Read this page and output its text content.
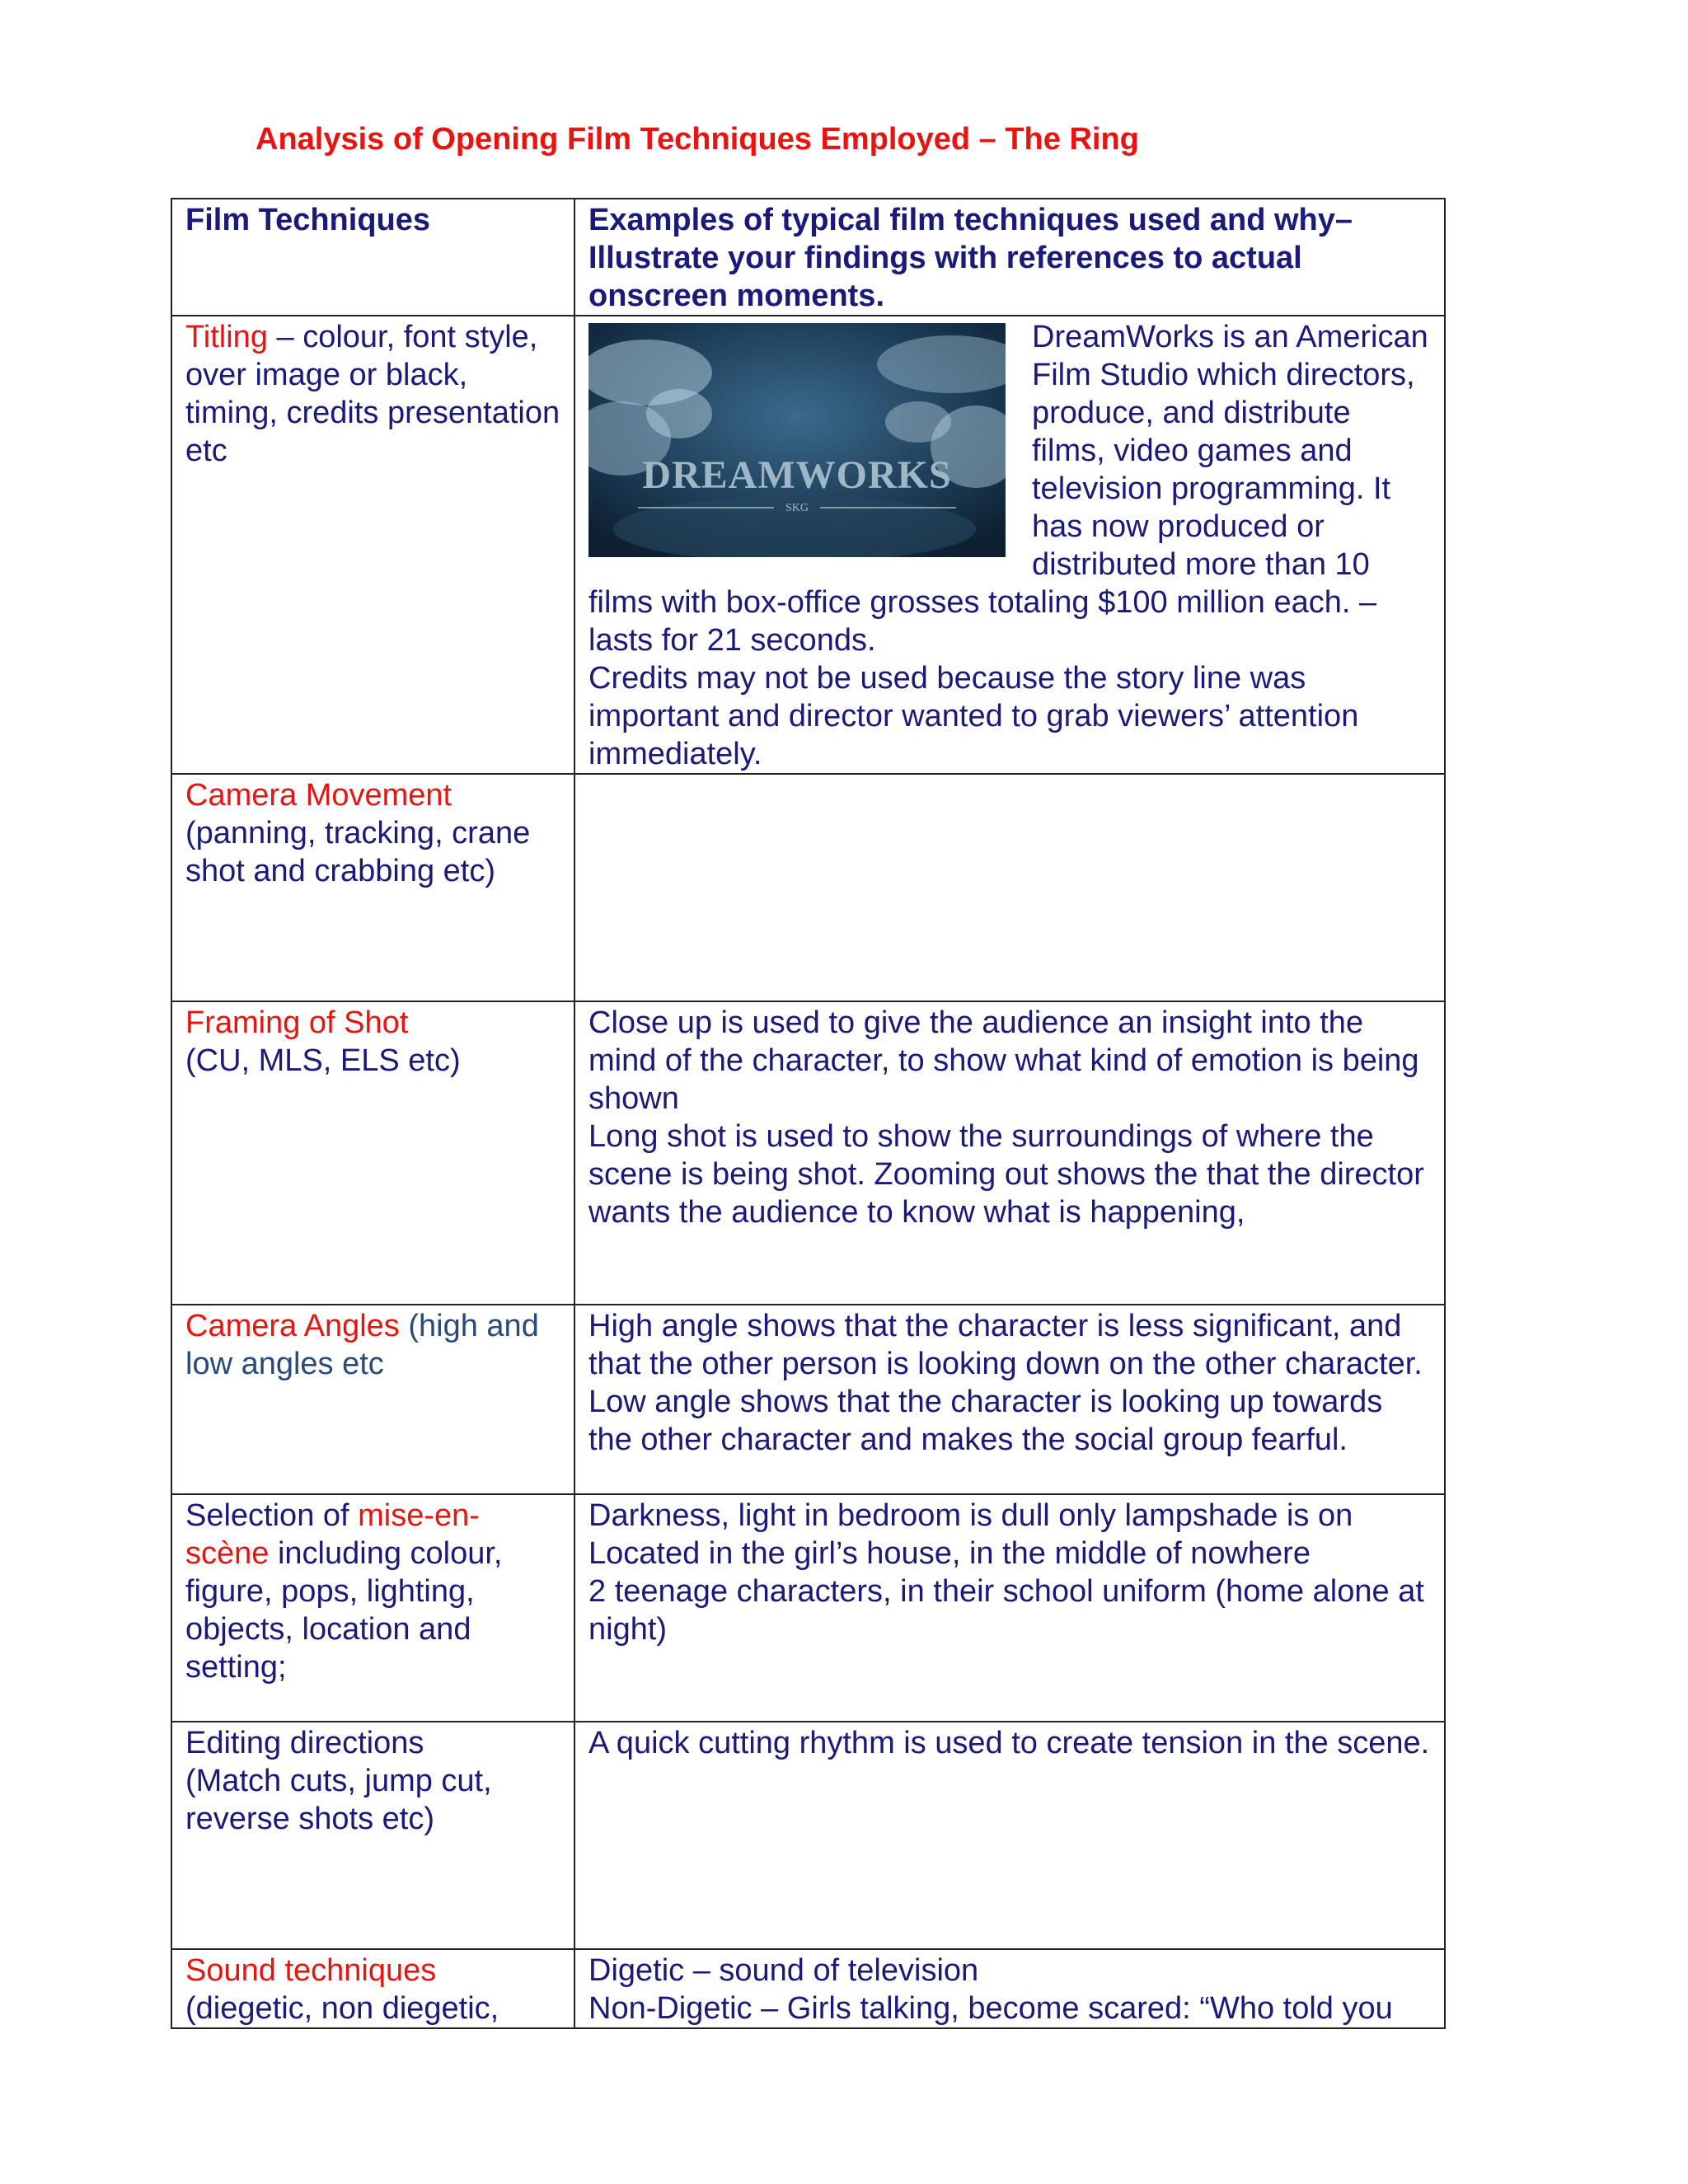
Analysis of Opening Film Techniques Employed – The Ring
Film Techniques	Examples of typical film techniques used and why– Illustrate your findings with references to actual onscreen moments.
Titling – colour, font style, over image or black, timing, credits presentation etc	DREAMWORKS
SKG
DreamWorks is an American Film Studio which directors, produce, and distribute films, video games and television programming. It has now produced or distributed more than 10 films with box-office grosses totaling $100 million each. – lasts for 21 seconds.
Credits may not be used because the story line was important and director wanted to grab viewers’ attention immediately.

Camera Movement
(panning, tracking, crane shot and crabbing etc)	

Framing of Shot
(CU, MLS, ELS etc)	Close up is used to give the audience an insight into the mind of the character, to show what kind of emotion is being shown
Long shot is used to show the surroundings of where the scene is being shot. Zooming out shows the that the director wants the audience to know what is happening,

Camera Angles (high and low angles etc	High angle shows that the character is less significant, and that the other person is looking down on the other character. Low angle shows that the character is looking up towards the other character and makes the social group fearful.

Selection of mise-en-scène including colour, figure, pops, lighting, objects, location and setting;	Darkness, light in bedroom is dull only lampshade is on
Located in the girl’s house, in the middle of nowhere
2 teenage characters, in their school uniform (home alone at night)

Editing directions
(Match cuts, jump cut, reverse shots etc)	A quick cutting rhythm is used to create tension in the scene.

Sound techniques
(diegetic, non diegetic,	Digetic – sound of television
Non-Digetic – Girls talking, become scared: “Who told you
